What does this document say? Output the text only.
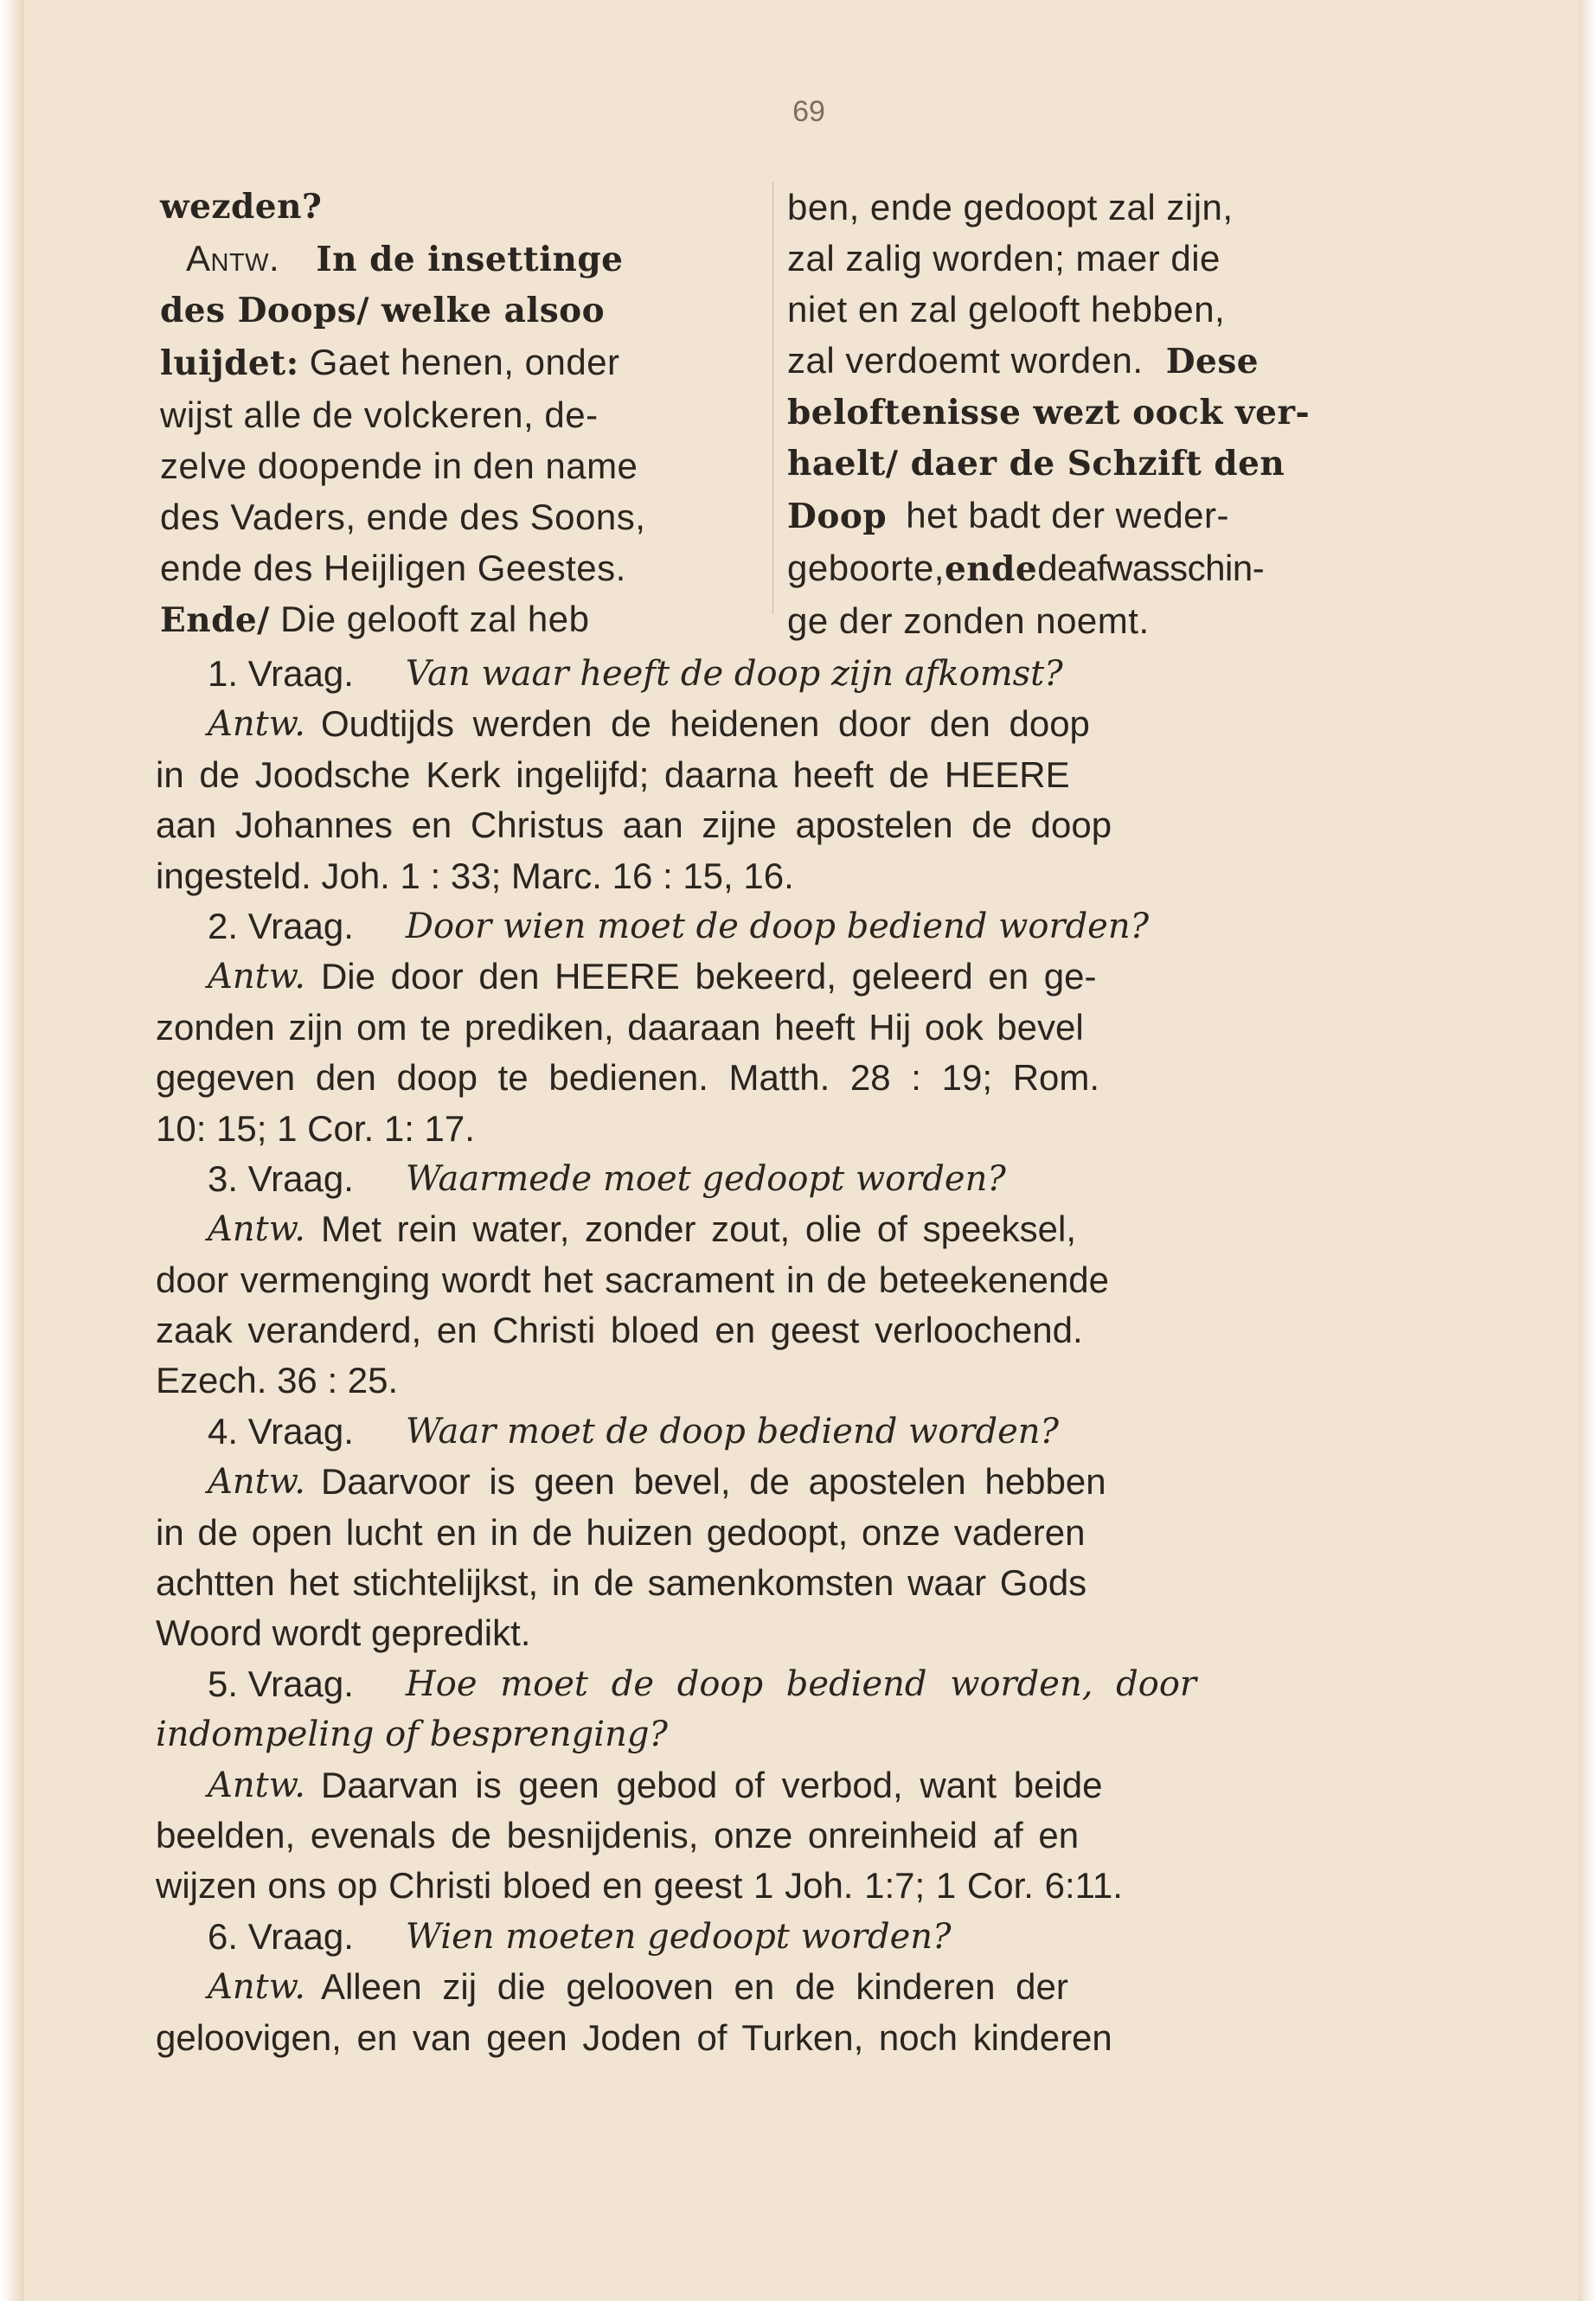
69
wezden?
Antw. In de insettinge
des Doops/ welke alsoo
luijdet: Gaet henen, onder
wijst alle de volckeren, de-
zelve doopende in den name
des Vaders, ende des Soons,
ende des Heijligen Geestes.
Ende/ Die gelooft zal heb
ben, ende gedoopt zal zijn,
zal zalig worden; maer die
niet en zal gelooft hebben,
zal verdoemt worden. Dese
beloftenisse wezt oock ver-
haelt/ daer de Schzift den
Doop het badt der weder-
geboorte,endedeafwasschin-
ge der zonden noemt.
1. Vraag. Van waar heeft de doop zijn afkomst?
Antw. Oudtijds werden de heidenen door den doop
in de Joodsche Kerk ingelijfd; daarna heeft de HEERE
aan Johannes en Christus aan zijne apostelen de doop
ingesteld. Joh. 1 : 33; Marc. 16 : 15, 16.
2. Vraag. Door wien moet de doop bediend worden?
Antw. Die door den HEERE bekeerd, geleerd en ge-
zonden zijn om te prediken, daaraan heeft Hij ook bevel
gegeven den doop te bedienen. Matth. 28 : 19; Rom.
10: 15; 1 Cor. 1: 17.
3. Vraag. Waarmede moet gedoopt worden?
Antw. Met rein water, zonder zout, olie of speeksel,
door vermenging wordt het sacrament in de beteekenende
zaak veranderd, en Christi bloed en geest verloochend.
Ezech. 36 : 25.
4. Vraag. Waar moet de doop bediend worden?
Antw. Daarvoor is geen bevel, de apostelen hebben
in de open lucht en in de huizen gedoopt, onze vaderen
achtten het stichtelijkst, in de samenkomsten waar Gods
Woord wordt gepredikt.
5. Vraag. Hoe moet de doop bediend worden, door
indompeling of besprenging?
Antw. Daarvan is geen gebod of verbod, want beide
beelden, evenals de besnijdenis, onze onreinheid af en
wijzen ons op Christi bloed en geest 1 Joh. 1:7; 1 Cor. 6:11.
6. Vraag. Wien moeten gedoopt worden?
Antw. Alleen zij die gelooven en de kinderen der
geloovigen, en van geen Joden of Turken, noch kinderen
